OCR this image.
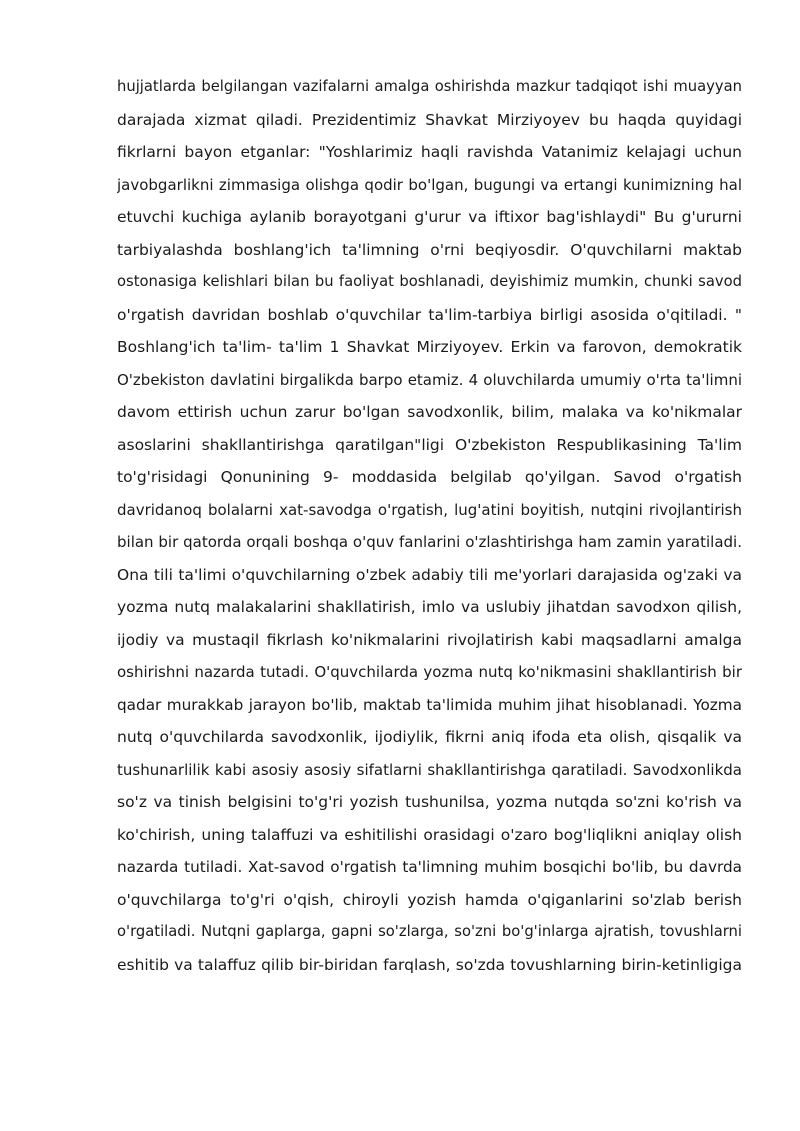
hujjatlarda belgilangan vazifalarni amalga oshirishda mazkur tadqiqot ishi muayyan
darajada xizmat qiladi. Prezidentimiz Shavkat Mirziyoyev bu haqda quyidagi
fikrlarni bayon etganlar: "Yoshlarimiz haqli ravishda Vatanimiz kelajagi uchun
javobgarlikni zimmasiga olishga qodir bo'lgan, bugungi va ertangi kunimizning hal
etuvchi kuchiga aylanib borayotgani g'urur va iftixor bag'ishlaydi" Bu g'ururni
tarbiyalashda boshlang'ich ta'limning o'rni beqiyosdir. O'quvchilarni maktab
ostonasiga kelishlari bilan bu faoliyat boshlanadi, deyishimiz mumkin, chunki savod
o'rgatish davridan boshlab o'quvchilar ta'lim-tarbiya birligi asosida o'qitiladi. "
Boshlang'ich ta'lim- ta'lim 1 Shavkat Mirziyoyev. Erkin va farovon, demokratik
O'zbekiston davlatini birgalikda barpo etamiz. 4 oluvchilarda umumiy o'rta ta'limni
davom ettirish uchun zarur bo'lgan savodxonlik, bilim, malaka va ko'nikmalar
asoslarini shakllantirishga qaratilgan"ligi O'zbekiston Respublikasining Ta'lim
to'g'risidagi Qonunining 9- moddasida belgilab qo'yilgan. Savod o'rgatish
davridanoq bolalarni xat-savodga o'rgatish, lug'atini boyitish, nutqini rivojlantirish
bilan bir qatorda orqali boshqa o'quv fanlarini o'zlashtirishga ham zamin yaratiladi.
Ona tili ta'limi o'quvchilarning o'zbek adabiy tili me'yorlari darajasida og'zaki va
yozma nutq malakalarini shakllatirish, imlo va uslubiy jihatdan savodxon qilish,
ijodiy va mustaqil fikrlash ko'nikmalarini rivojlatirish kabi maqsadlarni amalga
oshirishni nazarda tutadi. O'quvchilarda yozma nutq ko'nikmasini shakllantirish bir
qadar murakkab jarayon bo'lib, maktab ta'limida muhim jihat hisoblanadi. Yozma
nutq o'quvchilarda savodxonlik, ijodiylik, fikrni aniq ifoda eta olish, qisqalik va
tushunarlilik kabi asosiy asosiy sifatlarni shakllantirishga qaratiladi. Savodxonlikda
so'z va tinish belgisini to'g'ri yozish tushunilsa, yozma nutqda so'zni ko'rish va
ko'chirish, uning talaffuzi va eshitilishi orasidagi o'zaro bog'liqlikni aniqlay olish
nazarda tutiladi. Xat-savod o'rgatish ta'limning muhim bosqichi bo'lib, bu davrda
o'quvchilarga to'g'ri o'qish, chiroyli yozish hamda o'qiganlarini so'zlab berish
o'rgatiladi. Nutqni gaplarga, gapni so'zlarga, so'zni bo'g'inlarga ajratish, tovushlarni
eshitib va talaffuz qilib bir-biridan farqlash, so'zda tovushlarning birin-ketinligiga
